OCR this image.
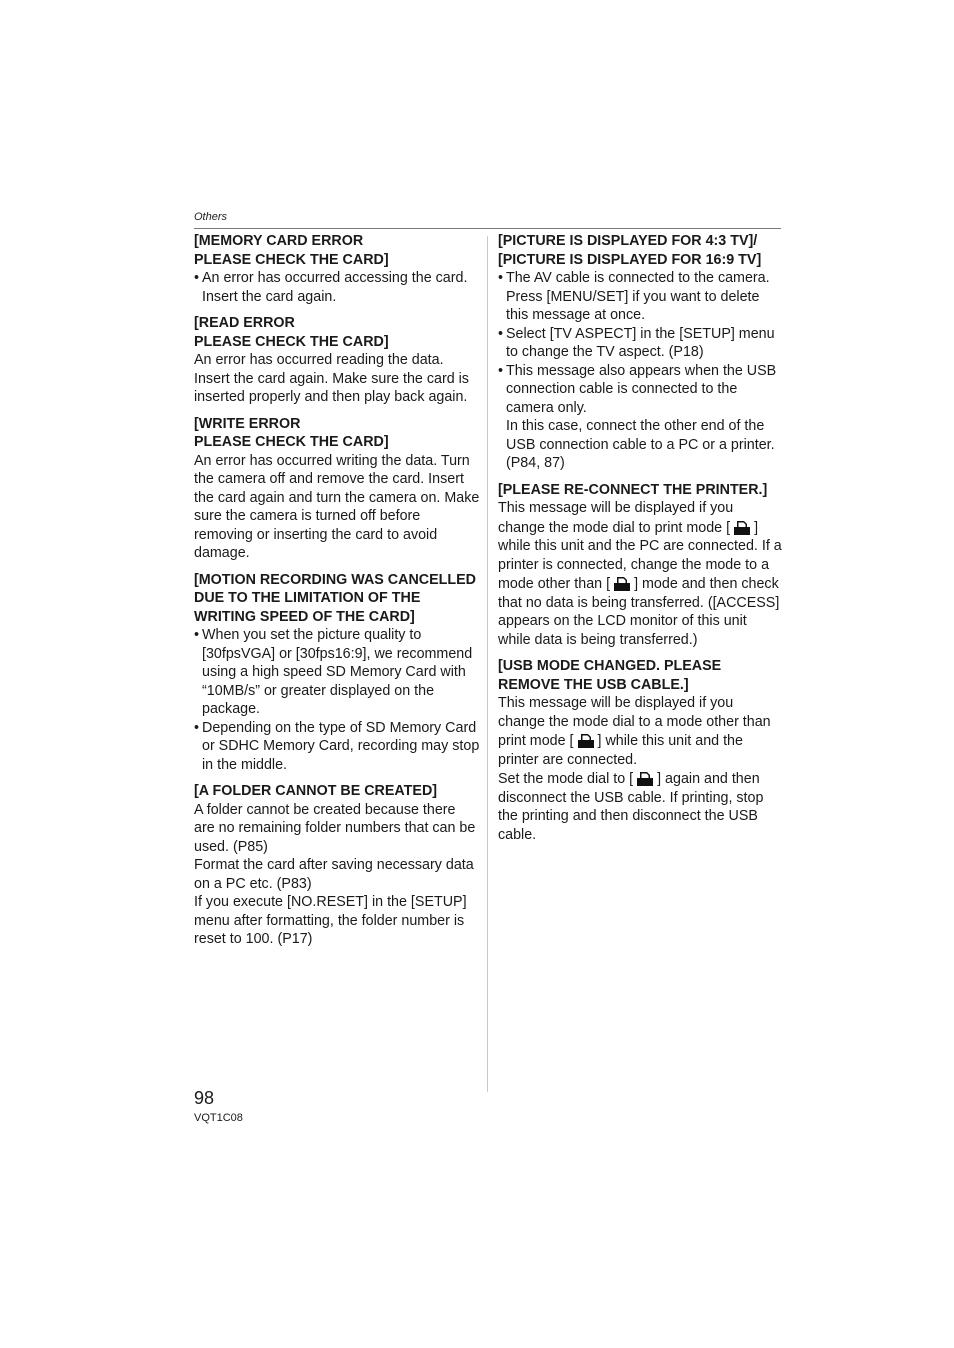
Others

[MEMORY CARD ERROR

PLEASE CHECK THE CARD]

• An error has occurred accessing the card. Insert the card again.

[READ ERROR

PLEASE CHECK THE CARD]

An error has occurred reading the data. Insert the card again. Make sure the card is inserted properly and then play back again.

[WRITE ERROR

PLEASE CHECK THE CARD]

An error has occurred writing the data. Turn the camera off and remove the card. Insert the card again and turn the camera on. Make sure the camera is turned off before removing or inserting the card to avoid damage.

[MOTION RECORDING WAS CANCELLED DUE TO THE LIMITATION OF THE WRITING SPEED OF THE CARD]

• When you set the picture quality to [30fpsVGA] or [30fps16:9], we recommend using a high speed SD Memory Card with “10MB/s” or greater displayed on the package.
• Depending on the type of SD Memory Card or SDHC Memory Card, recording may stop in the middle.

[A FOLDER CANNOT BE CREATED]

A folder cannot be created because there are no remaining folder numbers that can be used. (P85)

Format the card after saving necessary data on a PC etc. (P83)

If you execute [NO.RESET] in the [SETUP] menu after formatting, the folder number is reset to 100. (P17)

[PICTURE IS DISPLAYED FOR 4:3 TV]/

[PICTURE IS DISPLAYED FOR 16:9 TV]

• The AV cable is connected to the camera. Press [MENU/SET] if you want to delete this message at once.
• Select [TV ASPECT] in the [SETUP] menu to change the TV aspect. (P18)
• This message also appears when the USB connection cable is connected to the camera only.

In this case, connect the other end of the USB connection cable to a PC or a printer. (P84, 87)

[PLEASE RE-CONNECT THE PRINTER.]

This message will be displayed if you change the mode dial to print mode [ ] while this unit and the PC are connected. If a printer is connected, change the mode to a mode other than [ ] mode and then check that no data is being transferred. ([ACCESS] appears on the LCD monitor of this unit while data is being transferred.)

[USB MODE CHANGED. PLEASE REMOVE THE USB CABLE.]

This message will be displayed if you change the mode dial to a mode other than print mode [ ] while this unit and the printer are connected.

Set the mode dial to [ ] again and then disconnect the USB cable. If printing, stop the printing and then disconnect the USB cable.

98
VQT1C08
